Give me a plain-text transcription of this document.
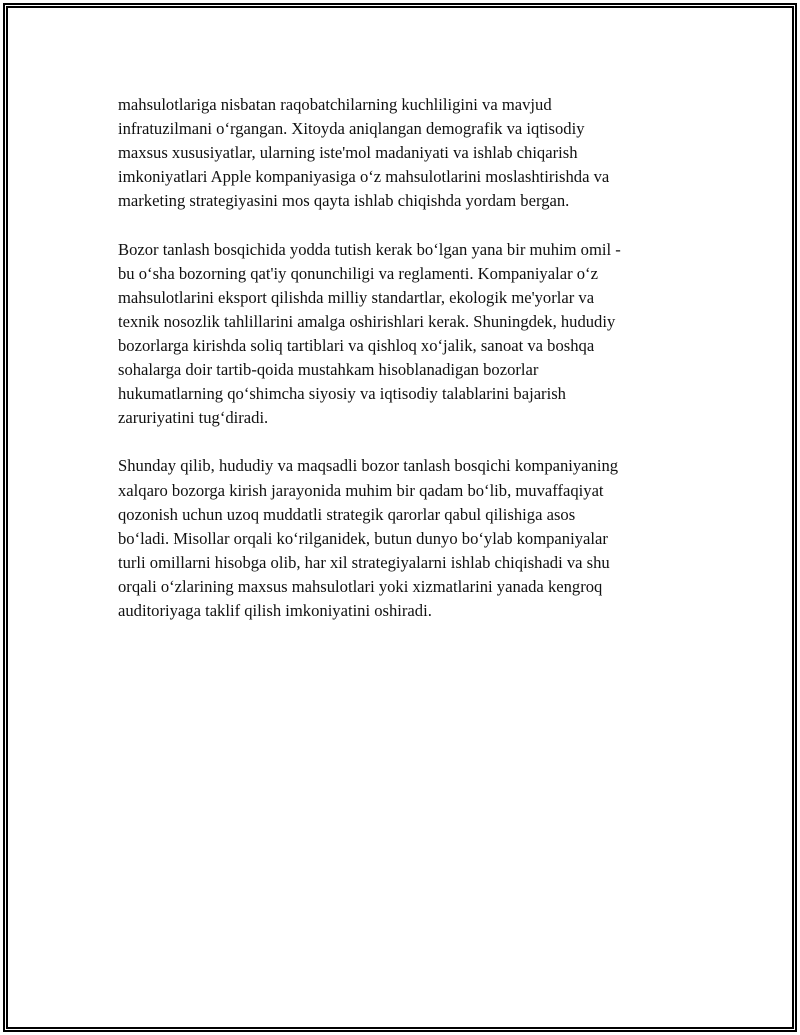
mahsulotlariga nisbatan raqobatchilarning kuchliligini va mavjud
infratuzilmani o‘rgangan. Xitoyda aniqlangan demografik va iqtisodiy
maxsus xususiyatlar, ularning iste'mol madaniyati va ishlab chiqarish
imkoniyatlari Apple kompaniyasiga o‘z mahsulotlarini moslashtirishda va
marketing strategiyasini mos qayta ishlab chiqishda yordam bergan.

Bozor tanlash bosqichida yodda tutish kerak bo‘lgan yana bir muhim omil -
bu o‘sha bozorning qat'iy qonunchiligi va reglamenti. Kompaniyalar o‘z
mahsulotlarini eksport qilishda milliy standartlar, ekologik me'yorlar va
texnik nosozlik tahlillarini amalga oshirishlari kerak. Shuningdek, hududiy
bozorlarga kirishda soliq tartiblari va qishloq xo‘jalik, sanoat va boshqa
sohalarga doir tartib-qoida mustahkam hisoblanadigan bozorlar
hukumatlarning qo‘shimcha siyosiy va iqtisodiy talablarini bajarish
zaruriyatini tug‘diradi.

Shunday qilib, hududiy va maqsadli bozor tanlash bosqichi kompaniyaning
xalqaro bozorga kirish jarayonida muhim bir qadam bo‘lib, muvaffaqiyat
qozonish uchun uzoq muddatli strategik qarorlar qabul qilishiga asos
bo‘ladi. Misollar orqali ko‘rilganidek, butun dunyo bo‘ylab kompaniyalar
turli omillarni hisobga olib, har xil strategiyalarni ishlab chiqishadi va shu
orqali o‘zlarining maxsus mahsulotlari yoki xizmatlarini yanada kengroq
auditoriyaga taklif qilish imkoniyatini oshiradi.
